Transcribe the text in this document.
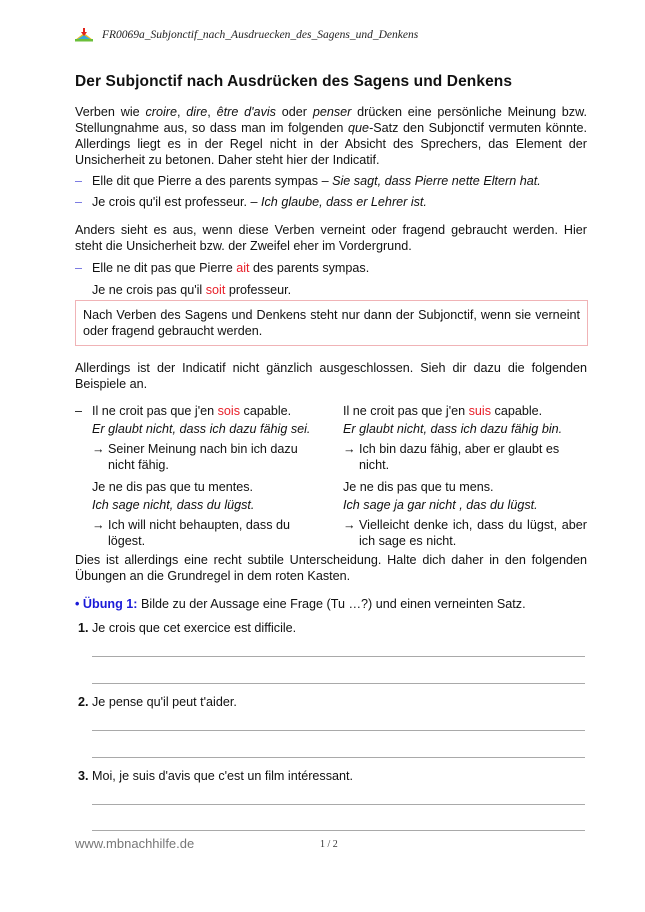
FR0069a_Subjonctif_nach_Ausdruecken_des_Sagens_und_Denkens
Der Subjonctif nach Ausdrücken des Sagens und Denkens
Verben wie croire, dire, être d'avis oder penser drücken eine persönliche Meinung bzw. Stellungnahme aus, so dass man im folgenden que-Satz den Subjonctif vermuten könnte. Allerdings liegt es in der Regel nicht in der Absicht des Sprechers, das Element der Unsicherheit zu betonen. Daher steht hier der Indicatif.
– Elle dit que Pierre a des parents sympas – Sie sagt, dass Pierre nette Eltern hat.
– Je crois qu'il est professeur. – Ich glaube, dass er Lehrer ist.
Anders sieht es aus, wenn diese Verben verneint oder fragend gebraucht werden. Hier steht die Unsicherheit bzw. der Zweifel eher im Vordergrund.
– Elle ne dit pas que Pierre ait des parents sympas.
Je ne crois pas qu'il soit professeur.
Nach Verben des Sagens und Denkens steht nur dann der Subjonctif, wenn sie verneint oder fragend gebraucht werden.
Allerdings ist der Indicatif nicht gänzlich ausgeschlossen. Sieh dir dazu die folgenden Beispiele an.
– Il ne croit pas que j'en sois capable.
Er glaubt nicht, dass ich dazu fähig sei.
→ Seiner Meinung nach bin ich dazu nicht fähig.
Je ne dis pas que tu mentes.
Ich sage nicht, dass du lügst.
→ Ich will nicht behaupten, dass du lögest.
Il ne croit pas que j'en suis capable.
Er glaubt nicht, dass ich dazu fähig bin.
→ Ich bin dazu fähig, aber er glaubt es nicht.
Je ne dis pas que tu mens.
Ich sage ja gar nicht , das du lügst.
→ Vielleicht denke ich, dass du lügst, aber ich sage es nicht.
Dies ist allerdings eine recht subtile Unterscheidung. Halte dich daher in den folgenden Übungen an die Grundregel in dem roten Kasten.
• Übung 1: Bilde zu der Aussage eine Frage (Tu …?) und einen verneinten Satz.
1. Je crois que cet exercice est difficile.
2. Je pense qu'il peut t'aider.
3. Moi, je suis d'avis que c'est un film intéressant.
www.mbnachhilfe.de	1 / 2
